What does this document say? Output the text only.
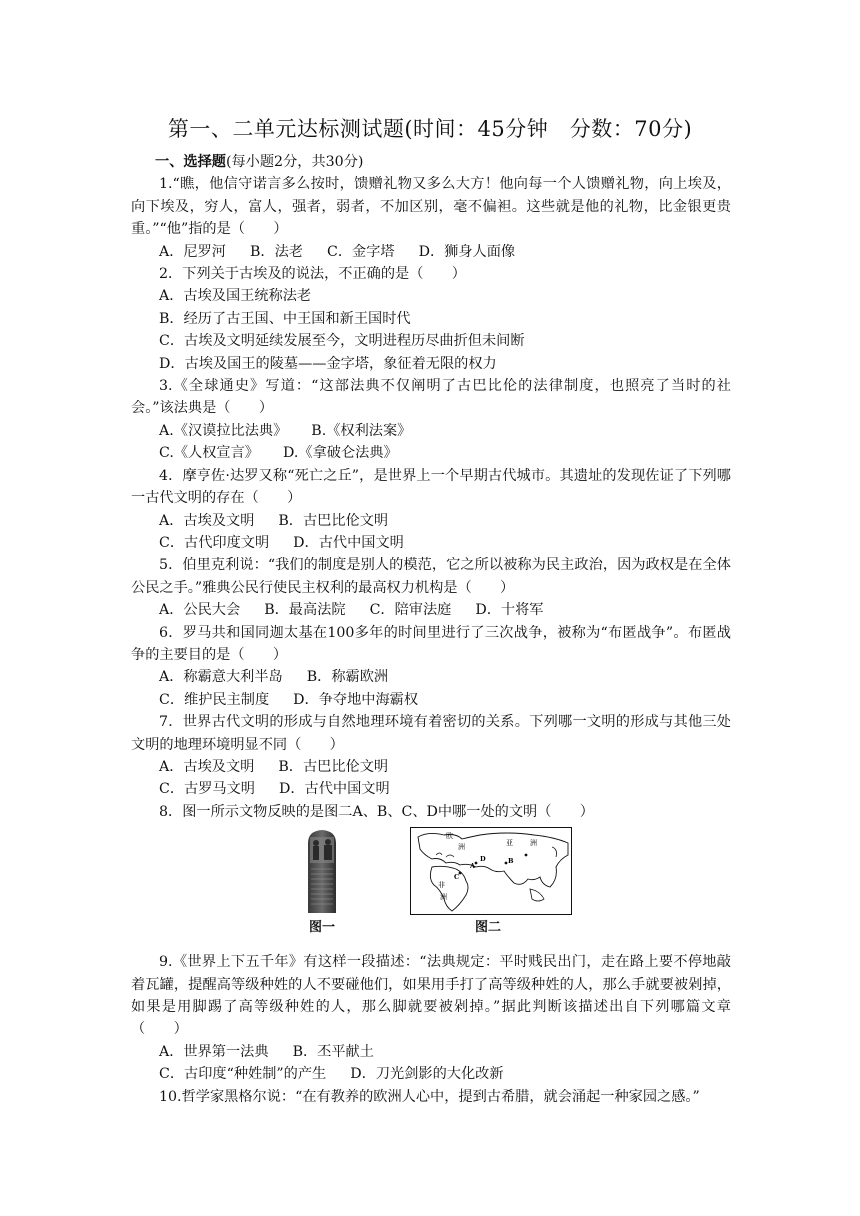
第一、二单元达标测试题(时间：45分钟　分数：70分)
一、选择题(每小题2分，共30分)

1.“瞧，他信守诺言多么按时，馈赠礼物又多么大方！他向每一个人馈赠礼物，向上埃及，向下埃及，穷人，富人，强者，弱者，不加区别，毫不偏袒。这些就是他的礼物，比金银更贵重。”“他”指的是（　　）

A．尼罗河 B．法老 C．金字塔 D．狮身人面像

2．下列关于古埃及的说法，不正确的是（　　）

A．古埃及国王统称法老
B．经历了古王国、中王国和新王国时代
C．古埃及文明延续发展至今，文明进程历尽曲折但未间断
D．古埃及国王的陵墓——金字塔，象征着无限的权力

3.《全球通史》写道：“这部法典不仅阐明了古巴比伦的法律制度，也照亮了当时的社会。”该法典是（　　）

A.《汉谟拉比法典》 B.《权利法案》
C.《人权宣言》 D.《拿破仑法典》

4．摩亨佐·达罗又称“死亡之丘”，是世界上一个早期古代城市。其遗址的发现佐证了下列哪一古代文明的存在（　　）

A．古埃及文明 B．古巴比伦文明
C．古代印度文明 D．古代中国文明

5．伯里克利说：“我们的制度是别人的模范，它之所以被称为民主政治，因为政权是在全体公民之手。”雅典公民行使民主权利的最高权力机构是（　　）

A．公民大会 B．最高法院 C．陪审法庭 D．十将军

6．罗马共和国同迦太基在100多年的时间里进行了三次战争，被称为“布匿战争”。布匿战争的主要目的是（　　）

A．称霸意大利半岛 B．称霸欧洲
C．维护民主制度 D．争夺地中海霸权

7．世界古代文明的形成与自然地理环境有着密切的关系。下列哪一文明的形成与其他三处文明的地理环境明显不同（　　）

A．古埃及文明 B．古巴比伦文明
C．古罗马文明 D．古代中国文明

8．图一所示文物反映的是图二A、B、C、D中哪一处的文明（　　）

欧
洲	亚 洲
非
洲
A
C
D	B
图一	图二

9.《世界上下五千年》有这样一段描述：“法典规定：平时贱民出门，走在路上要不停地敲着瓦罐，提醒高等级种姓的人不要碰他们，如果用手打了高等级种姓的人，那么手就要被剁掉，如果是用脚踢了高等级种姓的人，那么脚就要被剁掉。”据此判断该描述出自下列哪篇文章（　　）

A．世界第一法典 B．丕平献土
C．古印度“种姓制”的产生 D．刀光剑影的大化改新

10.哲学家黑格尔说：“在有教养的欧洲人心中，提到古希腊，就会涌起一种家园之感。”
